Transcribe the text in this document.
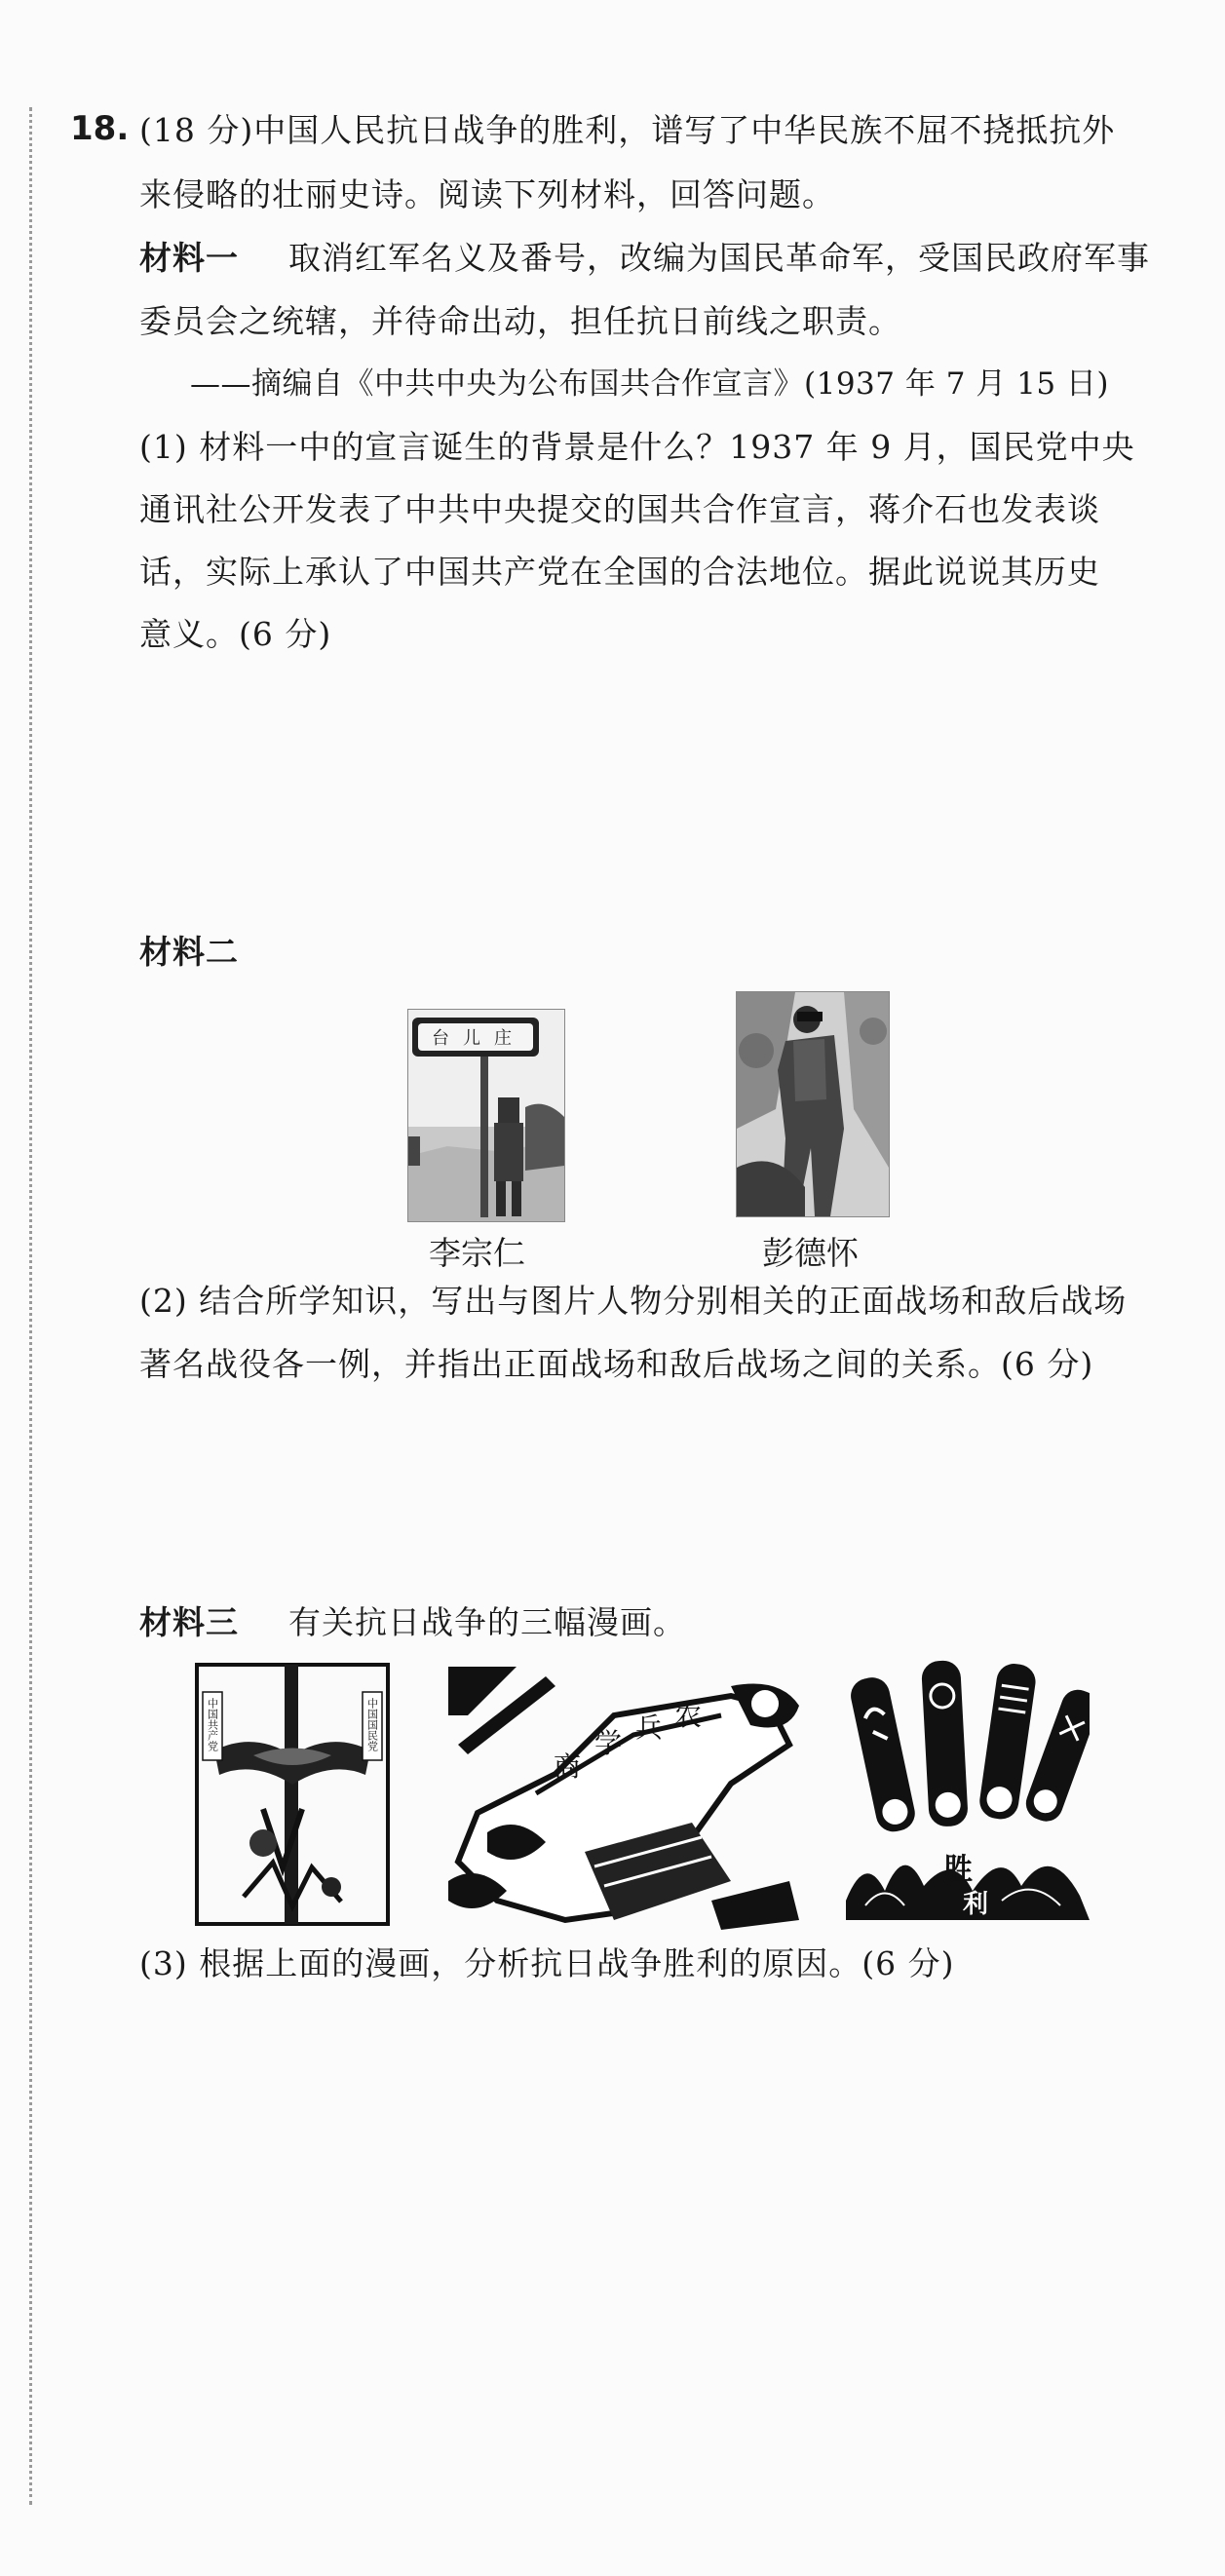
18. (18 分)中国人民抗日战争的胜利，谱写了中华民族不屈不挠抵抗外
来侵略的壮丽史诗。阅读下列材料，回答问题。
材料一 取消红军名义及番号，改编为国民革命军，受国民政府军事
委员会之统辖，并待命出动，担任抗日前线之职责。
——摘编自《中共中央为公布国共合作宣言》(1937 年 7 月 15 日)
(1) 材料一中的宣言诞生的背景是什么？1937 年 9 月，国民党中央
通讯社公开发表了中共中央提交的国共合作宣言，蒋介石也发表谈
话，实际上承认了中国共产党在全国的合法地位。据此说说其历史
意义。(6 分)
材料二
台儿庄
李宗仁	彭德怀
(2) 结合所学知识，写出与图片人物分别相关的正面战场和敌后战场
著名战役各一例，并指出正面战场和敌后战场之间的关系。(6 分)
材料三 有关抗日战争的三幅漫画。
中国共产党	中国国民党
商
学 兵 农
胜
利
(3) 根据上面的漫画，分析抗日战争胜利的原因。(6 分)
